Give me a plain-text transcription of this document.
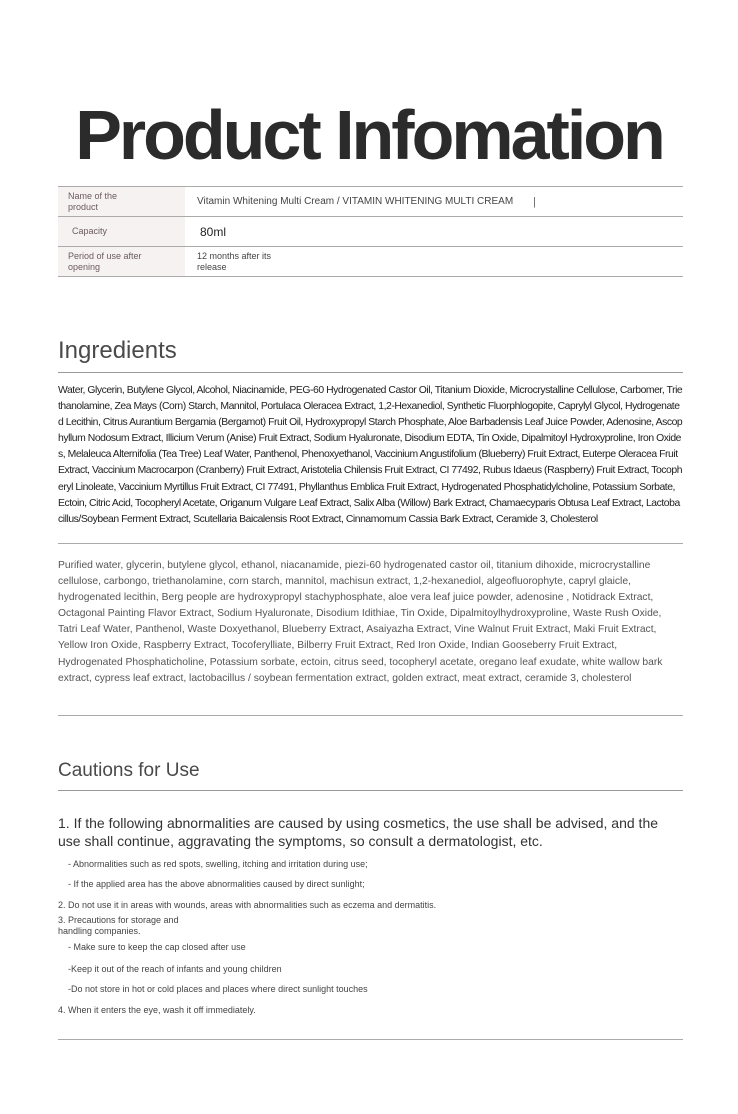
Product Infomation
Name of the product	Vitamin Whitening Multi Cream / VITAMIN WHITENING MULTI CREAM |
Capacity	80ml
Period of use after opening
12 months after its release
Ingredients
Water, Glycerin, Butylene Glycol, Alcohol, Niacinamide, PEG-60 Hydrogenated Castor Oil, Titanium Dioxide, Microcrystalline Cellulose, Carbomer, Triethanolamine, Zea Mays (Corn) Starch, Mannitol, Portulaca Oleracea Extract, 1,2-Hexanediol, Synthetic Fluorphlogopite, Caprylyl Glycol, Hydrogenated Lecithin, Citrus Aurantium Bergamia (Bergamot) Fruit Oil, Hydroxypropyl Starch Phosphate, Aloe Barbadensis Leaf Juice Powder, Adenosine, Ascophyllum Nodosum Extract, Illicium Verum (Anise) Fruit Extract, Sodium Hyaluronate, Disodium EDTA, Tin Oxide, Dipalmitoyl Hydroxyproline, Iron Oxides, Melaleuca Alternifolia (Tea Tree) Leaf Water, Panthenol, Phenoxyethanol, Vaccinium Angustifolium (Blueberry) Fruit Extract, Euterpe Oleracea Fruit Extract, Vaccinium Macrocarpon (Cranberry) Fruit Extract, Aristotelia Chilensis Fruit Extract, CI 77492, Rubus Idaeus (Raspberry) Fruit Extract, Tocopheryl Linoleate, Vaccinium Myrtillus Fruit Extract, CI 77491, Phyllanthus Emblica Fruit Extract, Hydrogenated Phosphatidylcholine, Potassium Sorbate, Ectoin, Citric Acid, Tocopheryl Acetate, Origanum Vulgare Leaf Extract, Salix Alba (Willow) Bark Extract, Chamaecyparis Obtusa Leaf Extract, Lactobacillus/Soybean Ferment Extract, Scutellaria Baicalensis Root Extract, Cinnamomum Cassia Bark Extract, Ceramide 3, Cholesterol
Purified water, glycerin, butylene glycol, ethanol, niacanamide, piezi-60 hydrogenated castor oil, titanium dihoxide, microcrystalline cellulose, carbongo, triethanolamine, corn starch, mannitol, machisun extract, 1,2-hexanediol, algeofluorophyte, capryl glaicle, hydrogenated lecithin, Berg people are hydroxypropyl stachyphosphate, aloe vera leaf juice powder, adenosine , Notidrack Extract, Octagonal Painting Flavor Extract, Sodium Hyaluronate, Disodium Idithiae, Tin Oxide, Dipalmitoylhydroxyproline, Waste Rush Oxide, Tatri Leaf Water, Panthenol, Waste Doxyethanol, Blueberry Extract, Asaiyazha Extract, Vine Walnut Fruit Extract, Maki Fruit Extract, Yellow Iron Oxide, Raspberry Extract, Tocoferylliate, Bilberry Fruit Extract, Red Iron Oxide, Indian Gooseberry Fruit Extract, Hydrogenated Phosphaticholine, Potassium sorbate, ectoin, citrus seed, tocopheryl acetate, oregano leaf exudate, white wallow bark extract, cypress leaf extract, lactobacillus / soybean fermentation extract, golden extract, meat extract, ceramide 3, cholesterol
Cautions for Use
1. If the following abnormalities are caused by using cosmetics, the use shall be advised, and the use shall continue, aggravating the symptoms, so consult a dermatologist, etc.
- Abnormalities such as red spots, swelling, itching and irritation during use;
- If the applied area has the above abnormalities caused by direct sunlight;
2. Do not use it in areas with wounds, areas with abnormalities such as eczema and dermatitis.
3. Precautions for storage and
handling companies.
- Make sure to keep the cap closed after use
-Keep it out of the reach of infants and young children
-Do not store in hot or cold places and places where direct sunlight touches
4. When it enters the eye, wash it off immediately.
